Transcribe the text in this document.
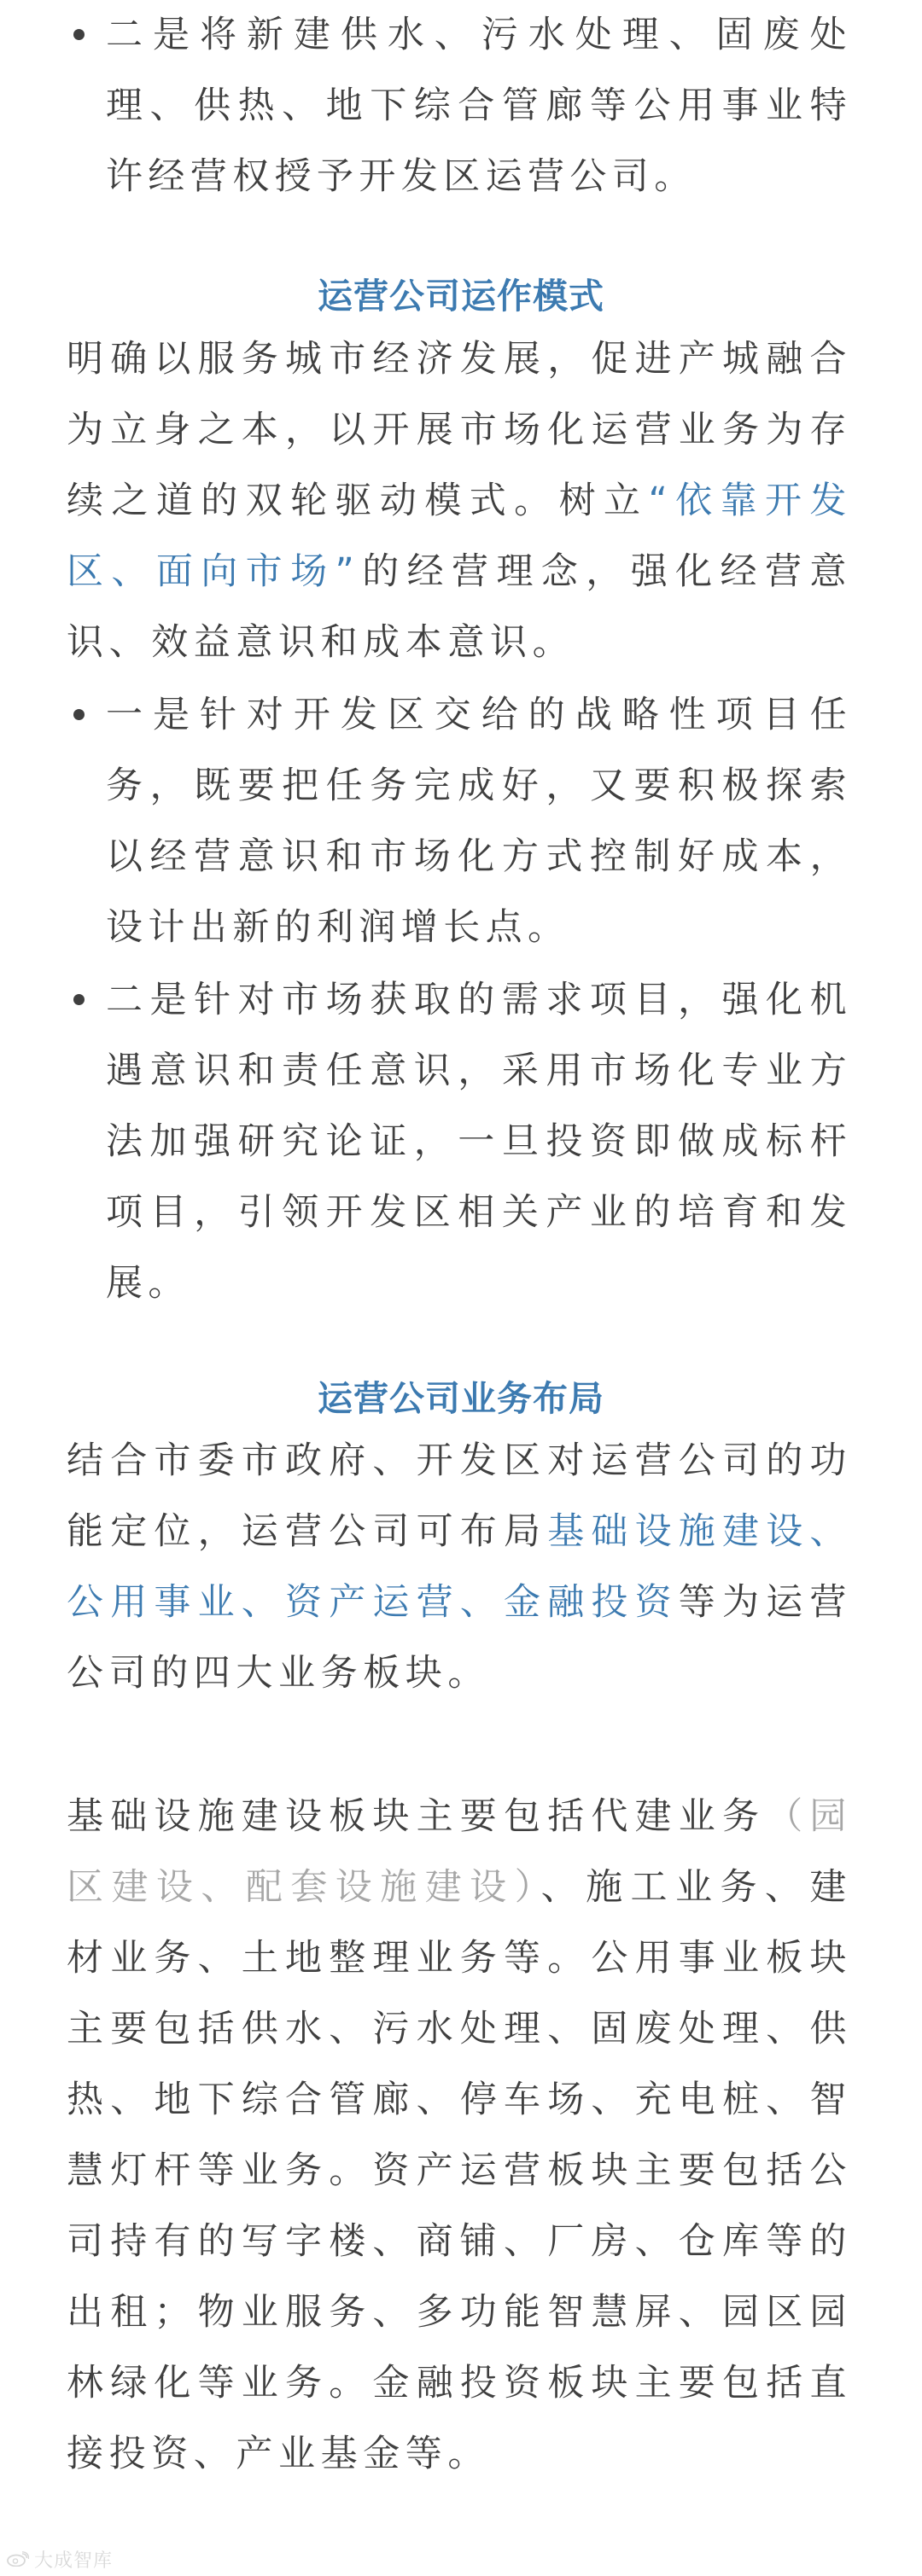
二是将新建供水、污水处理、固废处理、供热、地下综合管廊等公用事业特许经营权授予开发区运营公司。

运营公司运作模式

明确以服务城市经济发展，促进产城融合为立身之本，以开展市场化运营业务为存续之道的双轮驱动模式。树立“依靠开发区、面向市场”的经营理念，强化经营意识、效益意识和成本意识。

一是针对开发区交给的战略性项目任务，既要把任务完成好，又要积极探索以经营意识和市场化方式控制好成本，设计出新的利润增长点。

二是针对市场获取的需求项目，强化机遇意识和责任意识，采用市场化专业方法加强研究论证，一旦投资即做成标杆项目，引领开发区相关产业的培育和发展。

运营公司业务布局

结合市委市政府、开发区对运营公司的功能定位，运营公司可布局基础设施建设、公用事业、资产运营、金融投资等为运营公司的四大业务板块。

基础设施建设板块主要包括代建业务（园区建设、配套设施建设）、施工业务、建材业务、土地整理业务等。公用事业板块主要包括供水、污水处理、固废处理、供热、地下综合管廊、停车场、充电桩、智慧灯杆等业务。资产运营板块主要包括公司持有的写字楼、商铺、厂房、仓库等的出租；物业服务、多功能智慧屏、园区园林绿化等业务。金融投资板块主要包括直接投资、产业基金等。

大成智库
